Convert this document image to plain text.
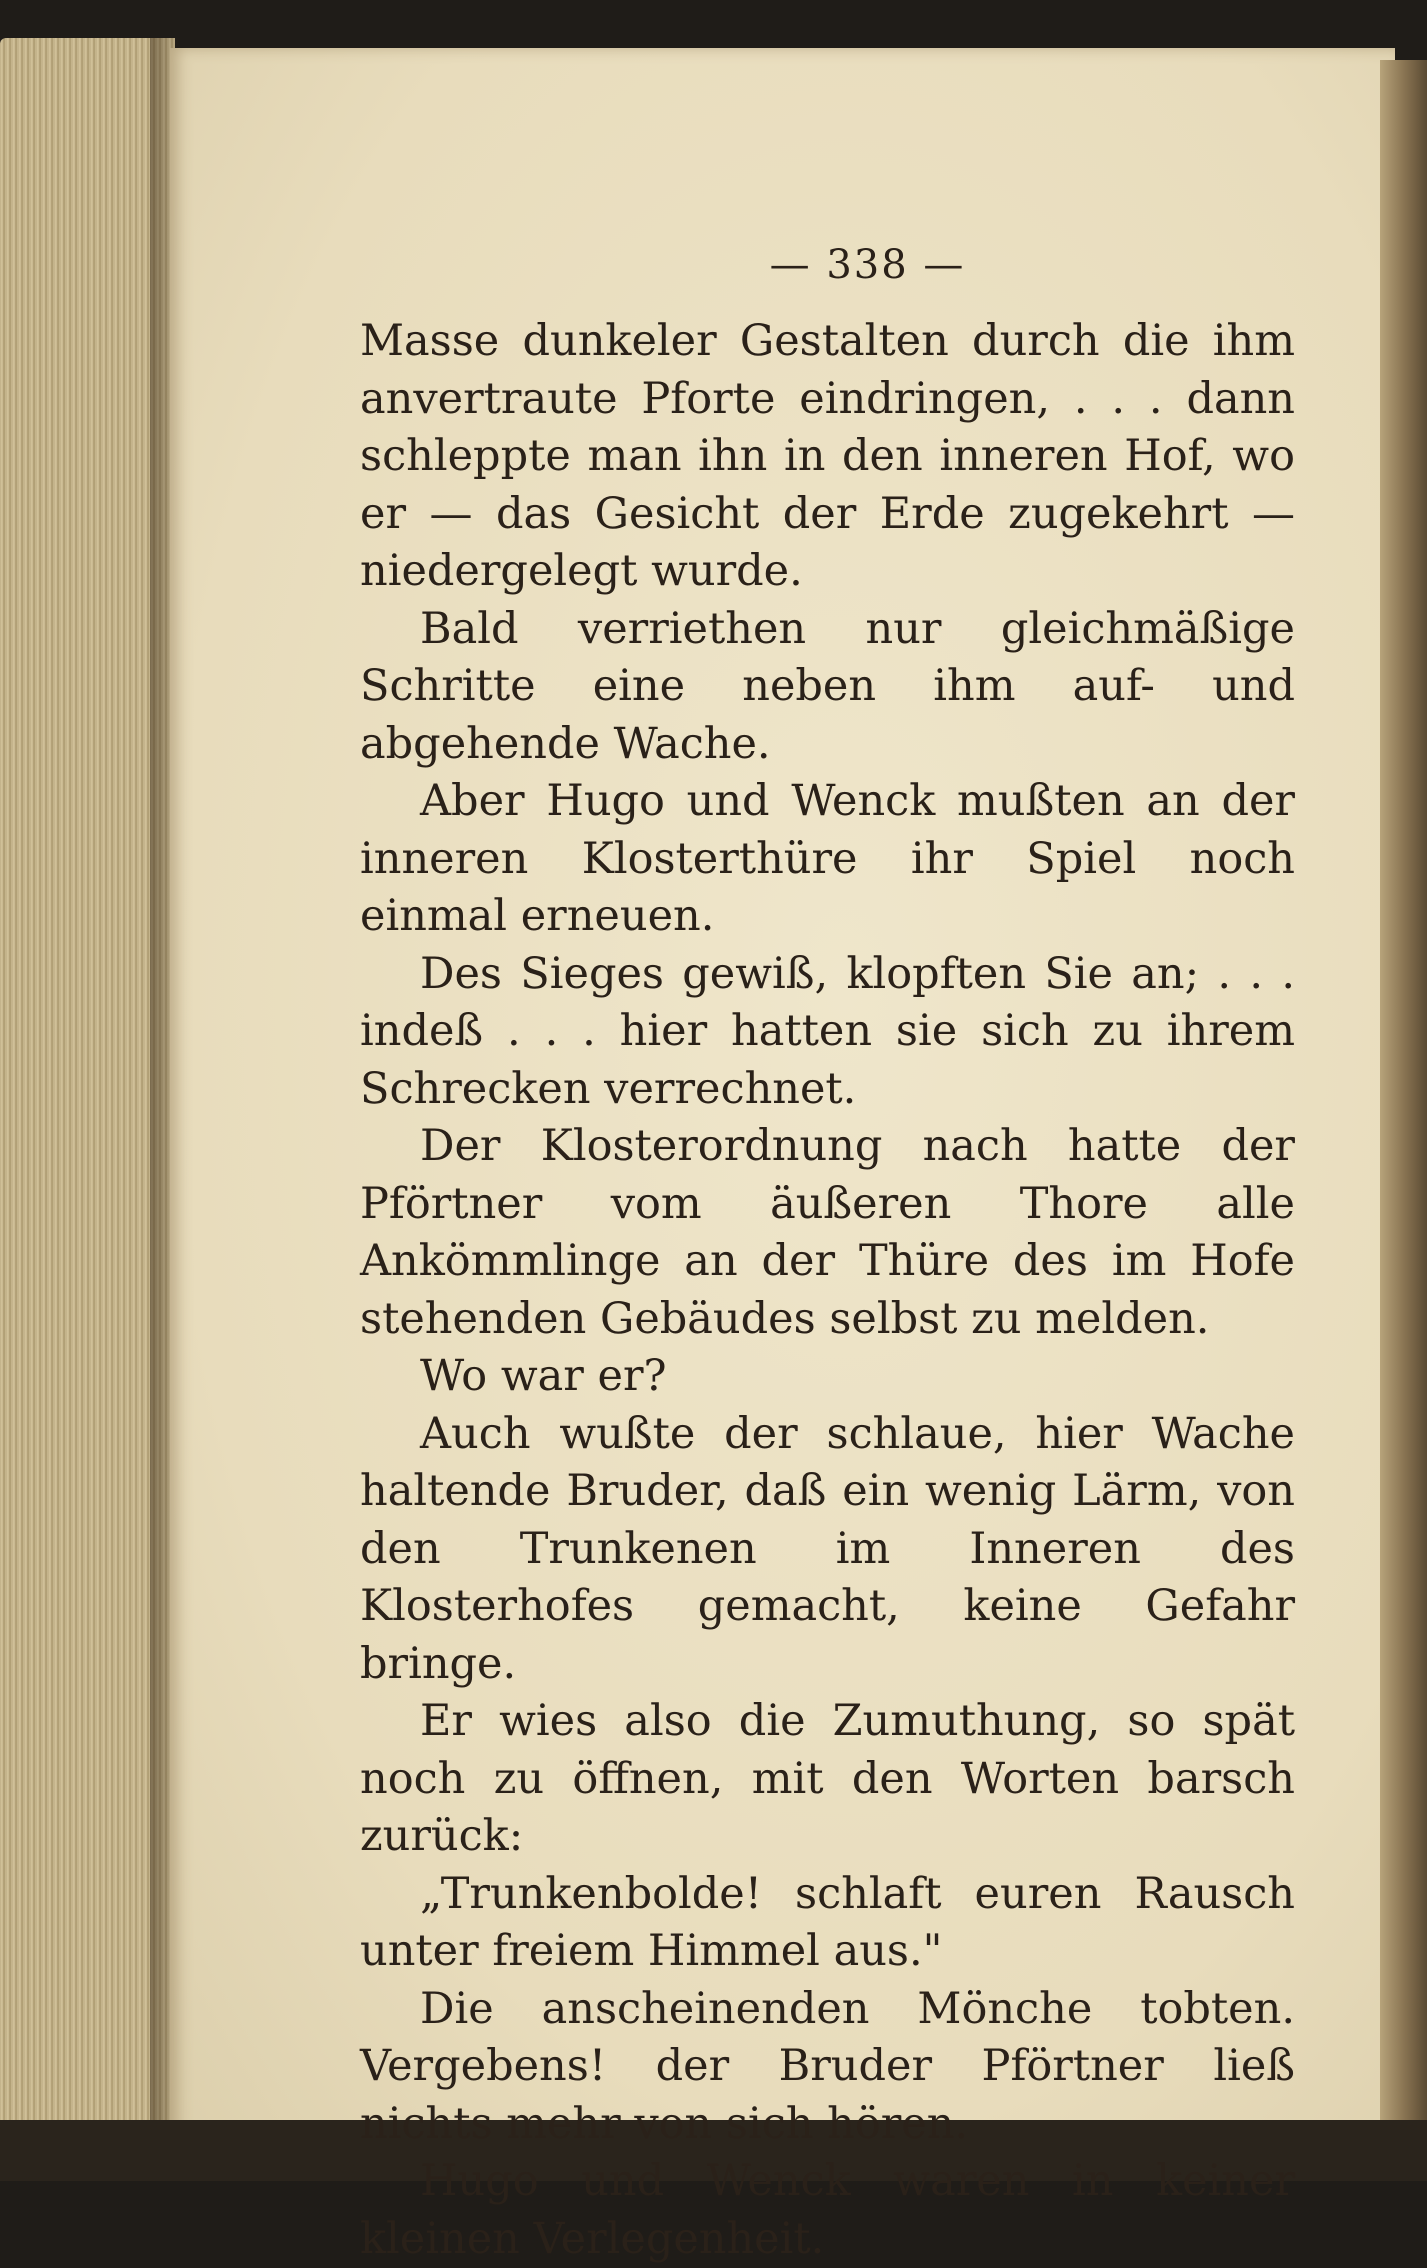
— 338 —

Masse dunkeler Gestalten durch die ihm anvertraute Pforte eindringen, . . . dann schleppte man ihn in den inneren Hof, wo er — das Gesicht der Erde zugekehrt — niedergelegt wurde.

Bald verriethen nur gleichmäßige Schritte eine neben ihm auf- und abgehende Wache.

Aber Hugo und Wenck mußten an der inneren Klosterthüre ihr Spiel noch einmal erneuen.

Des Sieges gewiß, klopften Sie an; . . . indeß . . . hier hatten sie sich zu ihrem Schrecken verrechnet.

Der Klosterordnung nach hatte der Pförtner vom äußeren Thore alle Ankömmlinge an der Thüre des im Hofe stehenden Gebäudes selbst zu melden.

Wo war er?

Auch wußte der schlaue, hier Wache haltende Bruder, daß ein wenig Lärm, von den Trunkenen im Inneren des Klosterhofes gemacht, keine Gefahr bringe.

Er wies also die Zumuthung, so spät noch zu öffnen, mit den Worten barsch zurück:

„Trunkenbolde! schlaft euren Rausch unter freiem Himmel aus."

Die anscheinenden Mönche tobten. Vergebens! der Bruder Pförtner ließ nichts mehr von sich hören.

Hugo und Wenck waren in keiner kleinen Verlegenheit.
